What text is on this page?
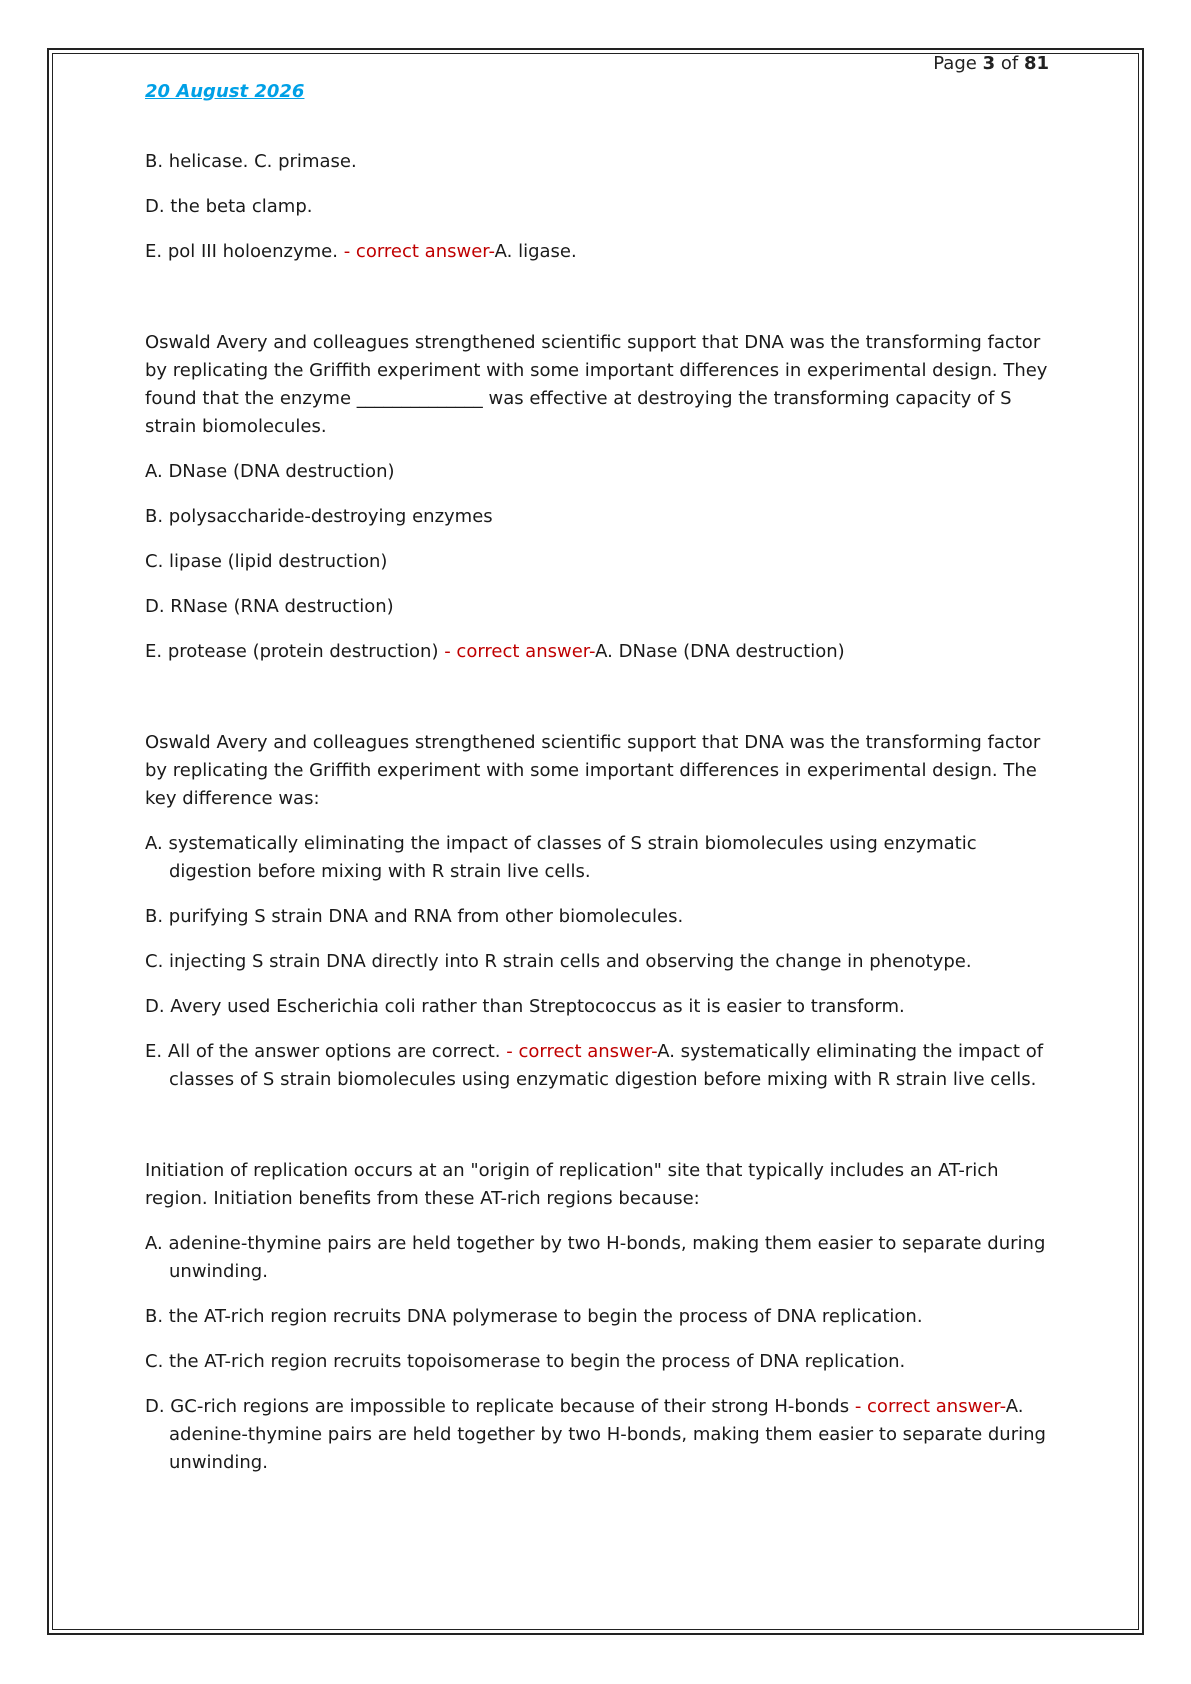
Page 3 of 81
20 August 2026
B. helicase. C. primase.
D. the beta clamp.
E. pol III holoenzyme. - correct answer-A. ligase.

Oswald Avery and colleagues strengthened scientific support that DNA was the transforming factor by replicating the Griffith experiment with some important differences in experimental design. They found that the enzyme ______________ was effective at destroying the transforming capacity of S strain biomolecules.

A. DNase (DNA destruction)
B. polysaccharide-destroying enzymes
C. lipase (lipid destruction)
D. RNase (RNA destruction)
E. protease (protein destruction) - correct answer-A. DNase (DNA destruction)

Oswald Avery and colleagues strengthened scientific support that DNA was the transforming factor by replicating the Griffith experiment with some important differences in experimental design. The key difference was:

A. systematically eliminating the impact of classes of S strain biomolecules using enzymatic digestion before mixing with R strain live cells.
B. purifying S strain DNA and RNA from other biomolecules.
C. injecting S strain DNA directly into R strain cells and observing the change in phenotype.
D. Avery used Escherichia coli rather than Streptococcus as it is easier to transform.
E. All of the answer options are correct. - correct answer-A. systematically eliminating the impact of classes of S strain biomolecules using enzymatic digestion before mixing with R strain live cells.

Initiation of replication occurs at an "origin of replication" site that typically includes an AT-rich region. Initiation benefits from these AT-rich regions because:

A. adenine-thymine pairs are held together by two H-bonds, making them easier to separate during unwinding.
B. the AT-rich region recruits DNA polymerase to begin the process of DNA replication.
C. the AT-rich region recruits topoisomerase to begin the process of DNA replication.
D. GC-rich regions are impossible to replicate because of their strong H-bonds - correct answer-A. adenine-thymine pairs are held together by two H-bonds, making them easier to separate during unwinding.
